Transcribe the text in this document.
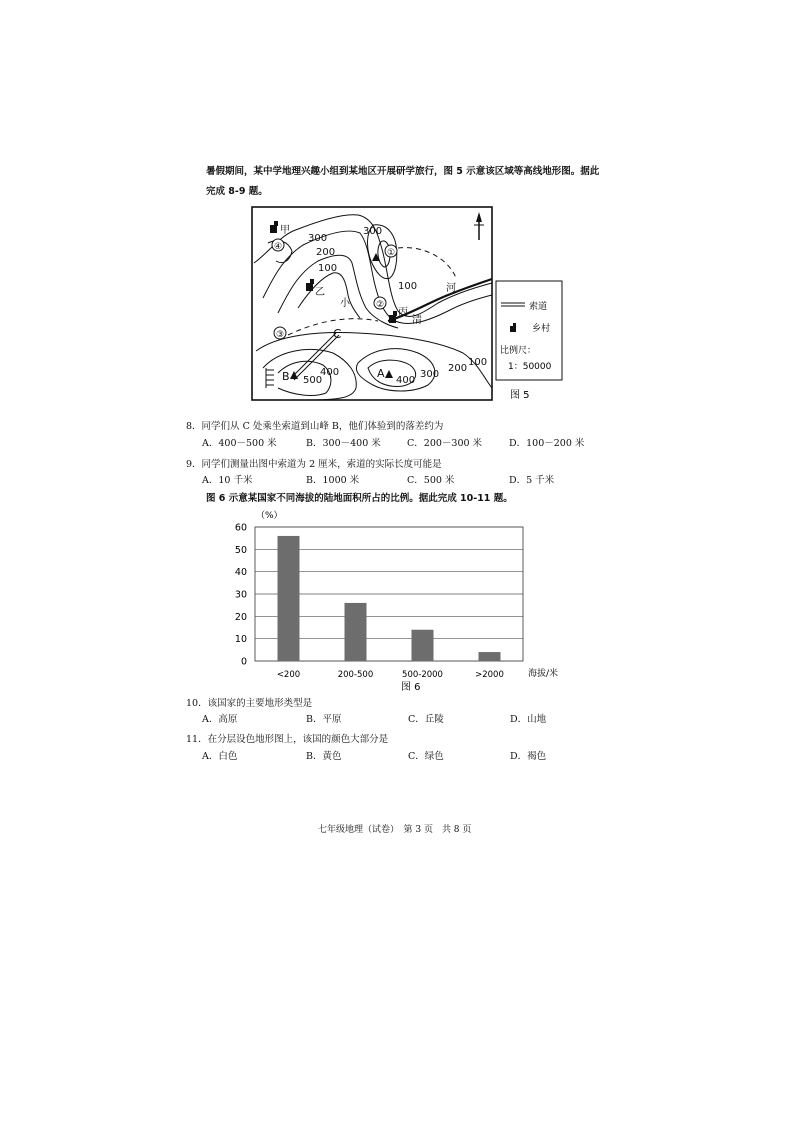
暑假期间，某中学地理兴趣小组到某地区开展研学旅行，图 5 示意该区域等高线地形图。据此
完成 8-9 题。
甲
乙
丙
小
河
清
300
200
100
300
100
400
500	400
300
200
100
C
B	A
④
①
②
③
索道
乡村
比例尺：
1：50000
图 5
8．同学们从 C 处乘坐索道到山峰 B，他们体验到的落差约为
A．400－500 米	B．300－400 米	C．200－300 米	D．100－200 米
9．同学们测量出图中索道为 2 厘米，索道的实际长度可能是
A．10 千米	B．1000 米	C．500 米	D．5 千米
图 6 示意某国家不同海拔的陆地面积所占的比例。据此完成 10-11 题。
0
10
20
30
40
50
60
<200	200-500	500-2000	>2000
（%）
海拔/米
图 6
10．该国家的主要地形类型是
A．高原	B．平原	C．丘陵	D．山地
11．在分层设色地形图上，该国的颜色大部分是
A．白色	B．黄色	C．绿色	D．褐色
七年级地理（试卷）　第 3 页　共 8 页
